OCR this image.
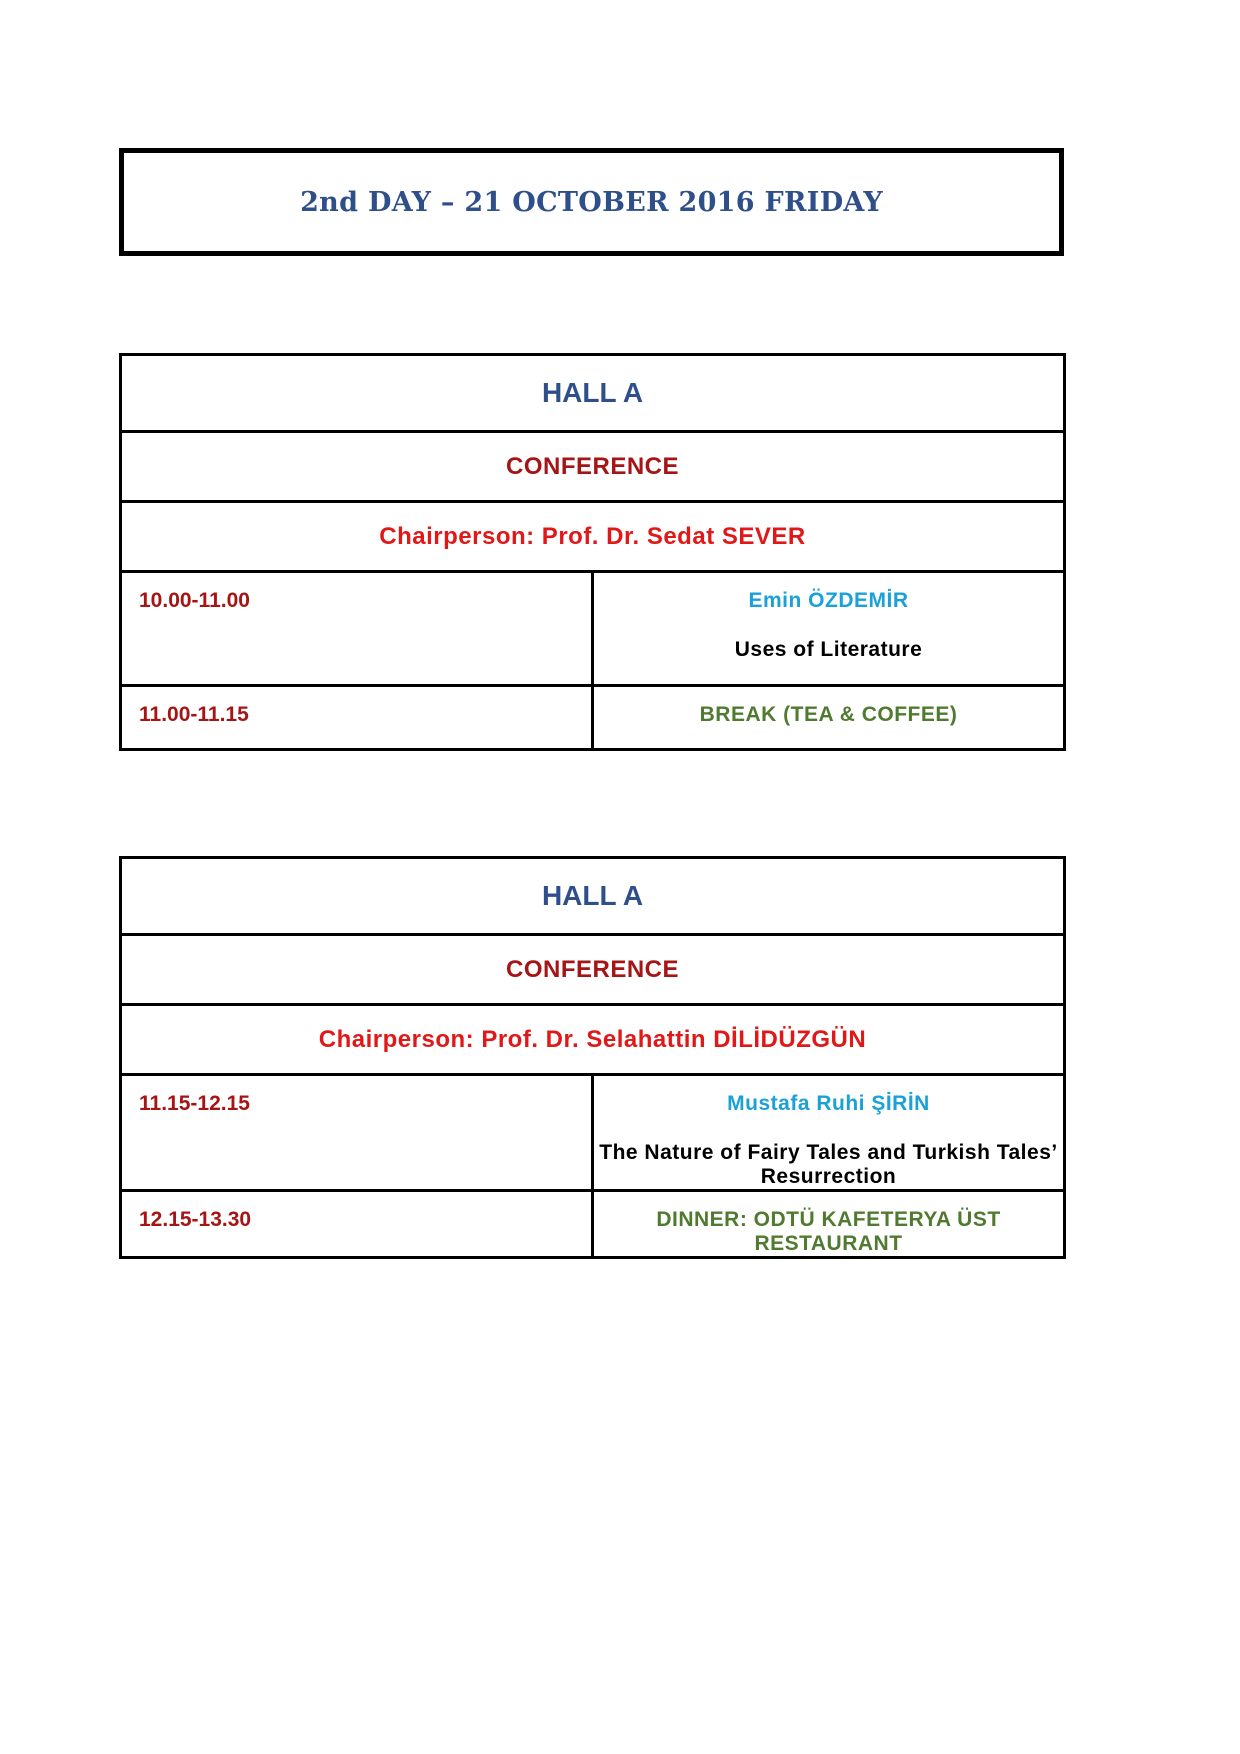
2nd DAY – 21 OCTOBER 2016 FRIDAY
HALL A	
CONFERENCE	
Chairperson: Prof. Dr. Sedat SEVER	
10.00-11.00	Emin ÖZDEMİR
Uses of Literature

11.00-11.15	BREAK (TEA & COFFEE)
HALL A	
CONFERENCE	
Chairperson: Prof. Dr. Selahattin DİLİDÜZGÜN	
11.15-12.15	Mustafa Ruhi ŞİRİN
The Nature of Fairy Tales and Turkish Tales’ Resurrection

12.15-13.30	DINNER: ODTÜ KAFETERYA ÜST RESTAURANT
